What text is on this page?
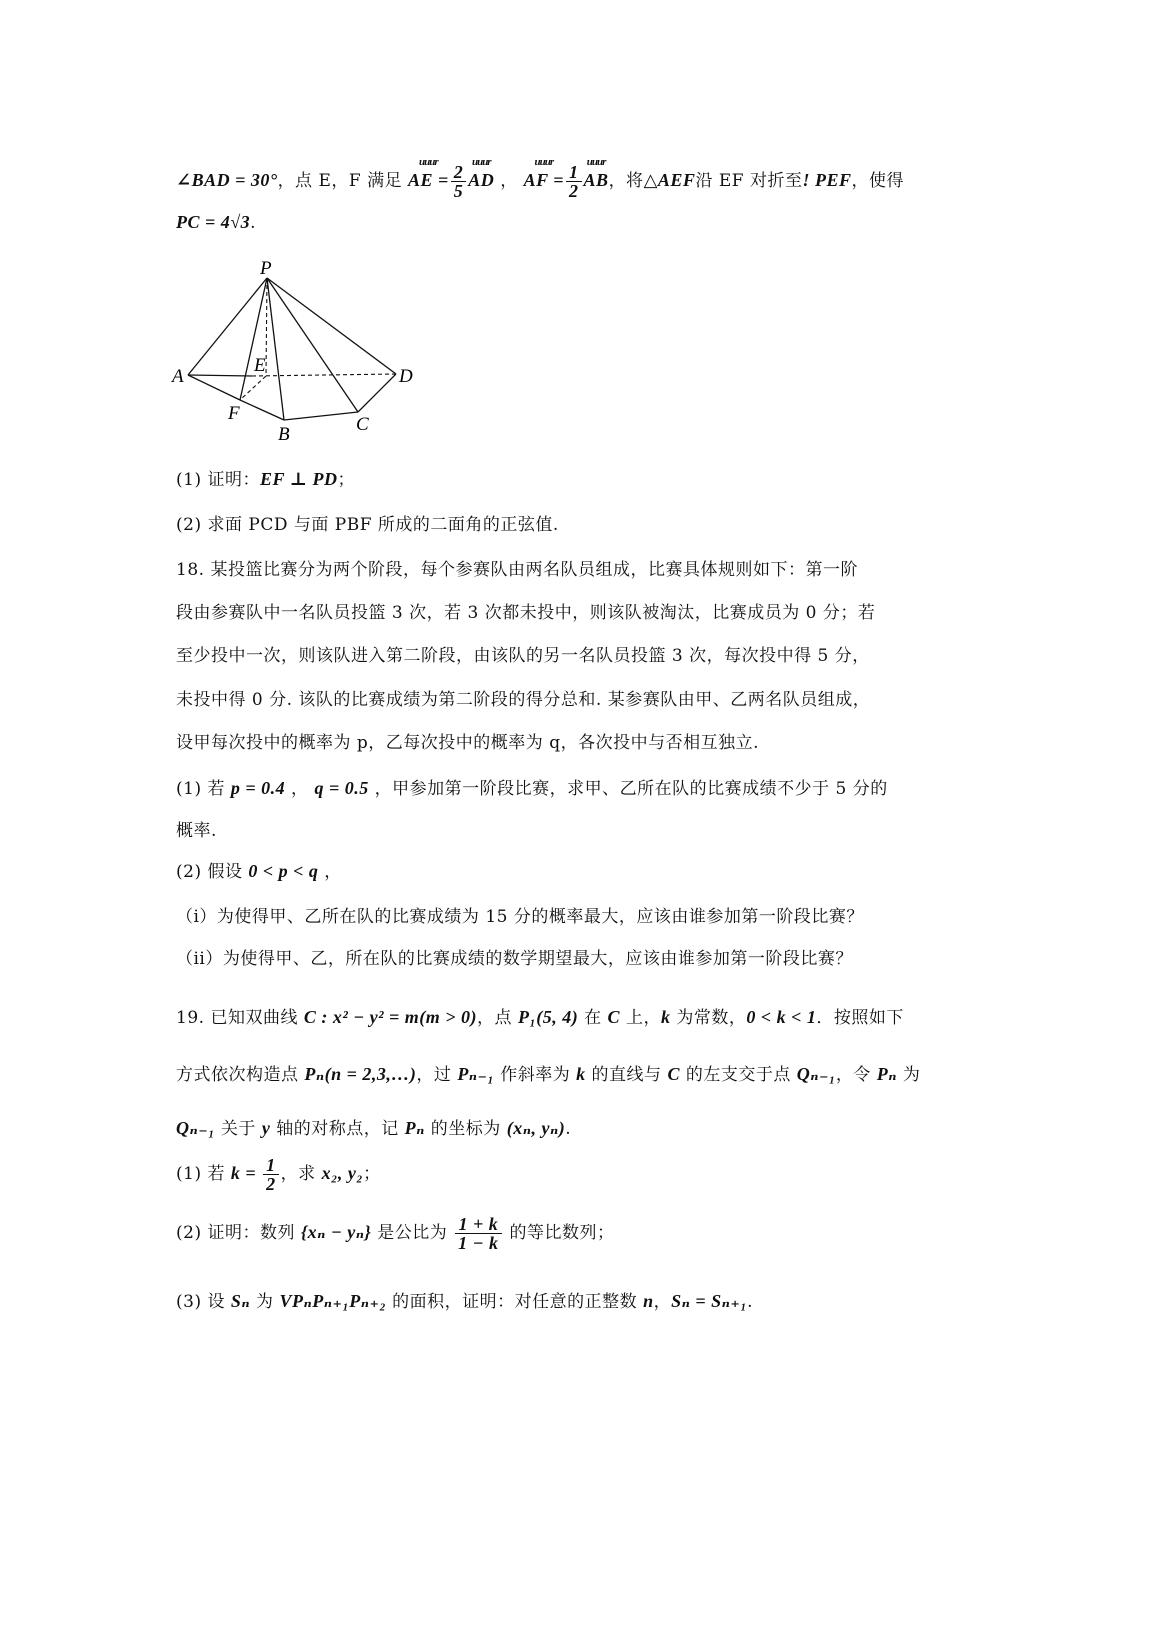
∠BAD = 30°，点 E，F 满足
uuur
AE = $\frac{2}{5}$
uuur
AD ，
uuur
AF = $\frac{1}{2}$
uuur
AB，将△AEF沿 EF 对折至! PEF，使得
PC = 4√3.
P
E
A	D
F
B	C
(1) 证明：EF ⊥ PD；
(2) 求面 PCD 与面 PBF 所成的二面角的正弦值.
18. 某投篮比赛分为两个阶段，每个参赛队由两名队员组成，比赛具体规则如下：第一阶
段由参赛队中一名队员投篮 3 次，若 3 次都未投中，则该队被淘汰，比赛成员为 0 分；若
至少投中一次，则该队进入第二阶段，由该队的另一名队员投篮 3 次，每次投中得 5 分，
未投中得 0 分. 该队的比赛成绩为第二阶段的得分总和. 某参赛队由甲、乙两名队员组成，
设甲每次投中的概率为 p，乙每次投中的概率为 q，各次投中与否相互独立.
(1) 若 p = 0.4 ， q = 0.5 ，甲参加第一阶段比赛，求甲、乙所在队的比赛成绩不少于 5 分的
概率.
(2) 假设 0 < p < q ，
（i）为使得甲、乙所在队的比赛成绩为 15 分的概率最大，应该由谁参加第一阶段比赛？
（ii）为使得甲、乙，所在队的比赛成绩的数学期望最大，应该由谁参加第一阶段比赛？
19. 已知双曲线 C : x² − y² = m(m > 0)，点 P₁(5, 4) 在 C 上，k 为常数，0 < k < 1．按照如下
方式依次构造点 Pₙ(n = 2,3,…)，过 Pₙ₋₁ 作斜率为 k 的直线与 C 的左支交于点 Qₙ₋₁，令 Pₙ 为
Qₙ₋₁ 关于 y 轴的对称点，记 Pₙ 的坐标为 (xₙ, yₙ).
(1) 若 $k = \frac{1}{2}$ ，求 x₂, y₂；
(2) 证明：数列 {xₙ − yₙ} 是公比为 $\frac{1 + k}{1 - k}$ 的等比数列；
(3) 设 Sₙ 为 VPₙPₙ₊₁Pₙ₊₂ 的面积，证明：对任意的正整数 n，Sₙ = Sₙ₊₁.
